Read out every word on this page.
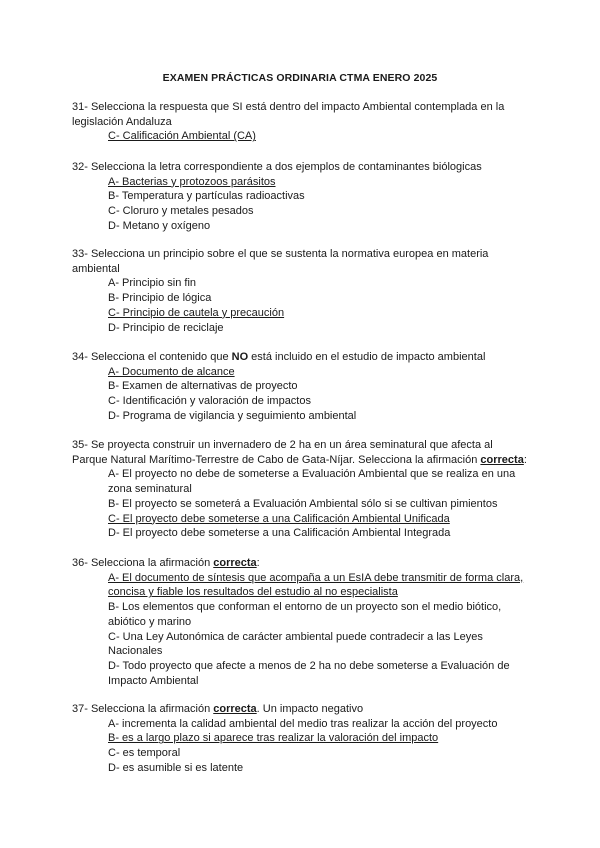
EXAMEN PRÁCTICAS ORDINARIA CTMA ENERO 2025

31- Selecciona la respuesta que SI está dentro del impacto Ambiental contemplada en la legislación Andaluza

C- Calificación Ambiental (CA)

32- Selecciona la letra correspondiente a dos ejemplos de contaminantes biólogicas

A- Bacterias y protozoos parásitos

B- Temperatura y partículas radioactivas

C- Cloruro y metales pesados

D- Metano y oxígeno

33- Selecciona un principio sobre el que se sustenta la normativa europea en materia ambiental

A- Principio sin fin

B- Principio de lógica

C- Principio de cautela y precaución

D- Principio de reciclaje

34- Selecciona el contenido que NO está incluido en el estudio de impacto ambiental

A- Documento de alcance

B- Examen de alternativas de proyecto

C- Identificación y valoración de impactos

D- Programa de vigilancia y seguimiento ambiental

35- Se proyecta construir un invernadero de 2 ha en un área seminatural que afecta al Parque Natural Marítimo-Terrestre de Cabo de Gata-Níjar. Selecciona la afirmación correcta:

A- El proyecto no debe de someterse a Evaluación Ambiental que se realiza en una zona seminatural

B- El proyecto se someterá a Evaluación Ambiental sólo si se cultivan pimientos

C- El proyecto debe someterse a una Calificación Ambiental Unificada

D- El proyecto debe someterse a una Calificación Ambiental Integrada

36- Selecciona la afirmación correcta:

A- El documento de síntesis que acompaña a un EsIA debe transmitir de forma clara, concisa y fiable los resultados del estudio al no especialista

B- Los elementos que conforman el entorno de un proyecto son el medio biótico, abiótico y marino

C- Una Ley Autonómica de carácter ambiental puede contradecir a las Leyes Nacionales

D- Todo proyecto que afecte a menos de 2 ha no debe someterse a Evaluación de Impacto Ambiental

37- Selecciona la afirmación correcta. Un impacto negativo

A- incrementa la calidad ambiental del medio tras realizar la acción del proyecto

B- es a largo plazo si aparece tras realizar la valoración del impacto

C- es temporal

D- es asumible si es latente
